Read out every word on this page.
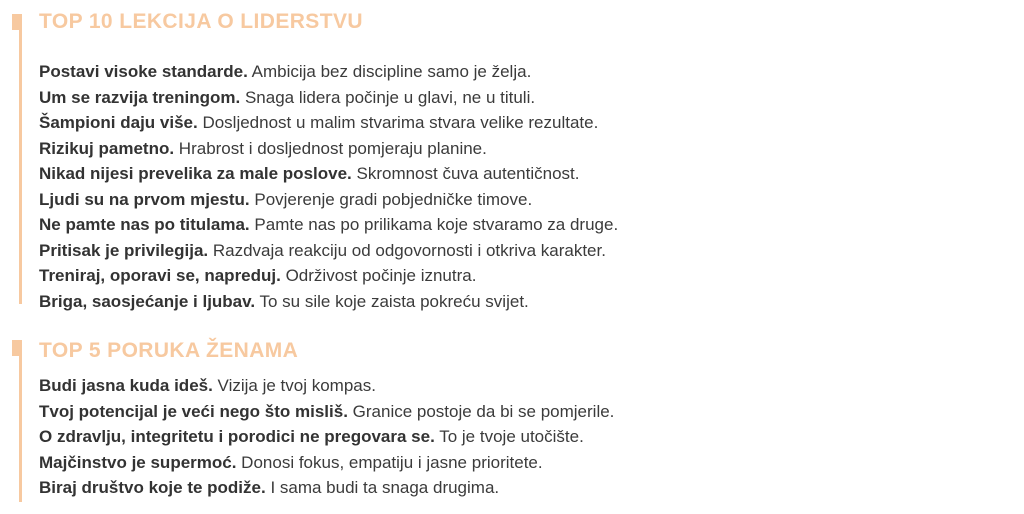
TOP 10 LEKCIJA O LIDERSTVU
Postavi visoke standarde. Ambicija bez discipline samo je želja.
Um se razvija treningom. Snaga lidera počinje u glavi, ne u tituli.
Šampioni daju više. Dosljednost u malim stvarima stvara velike rezultate.
Rizikuj pametno. Hrabrost i dosljednost pomjeraju planine.
Nikad nijesi prevelika za male poslove. Skromnost čuva autentičnost.
Ljudi su na prvom mjestu. Povjerenje gradi pobjedničke timove.
Ne pamte nas po titulama. Pamte nas po prilikama koje stvaramo za druge.
Pritisak je privilegija. Razdvaja reakciju od odgovornosti i otkriva karakter.
Treniraj, oporavi se, napreduj. Održivost počinje iznutra.
Briga, saosjećanje i ljubav. To su sile koje zaista pokreću svijet.
TOP 5 PORUKA ŽENAMA
Budi jasna kuda ideš. Vizija je tvoj kompas.
Tvoj potencijal je veći nego što misliš. Granice postoje da bi se pomjerile.
O zdravlju, integritetu i porodici ne pregovara se. To je tvoje utočište.
Majčinstvo je supermoć. Donosi fokus, empatiju i jasne prioritete.
Biraj društvo koje te podiže. I sama budi ta snaga drugima.
